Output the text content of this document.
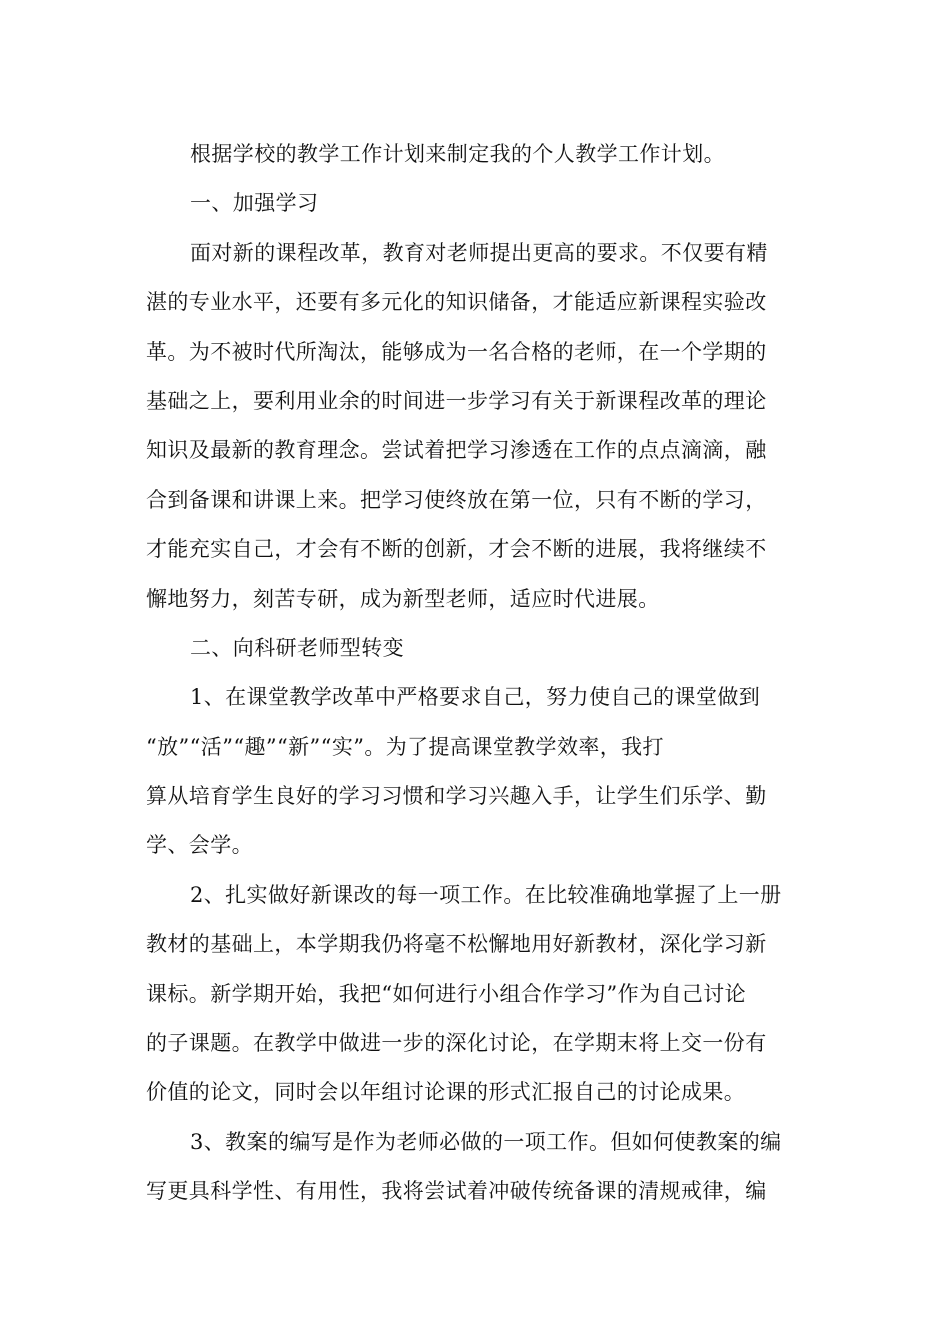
根据学校的教学工作计划来制定我的个人教学工作计划。
一、加强学习
面对新的课程改革，教育对老师提出更高的要求。不仅要有精
湛的专业水平，还要有多元化的知识储备，才能适应新课程实验改
革。为不被时代所淘汰，能够成为一名合格的老师，在一个学期的
基础之上，要利用业余的时间进一步学习有关于新课程改革的理论
知识及最新的教育理念。尝试着把学习渗透在工作的点点滴滴，融
合到备课和讲课上来。把学习使终放在第一位，只有不断的学习，
才能充实自己，才会有不断的创新，才会不断的进展，我将继续不
懈地努力，刻苦专研，成为新型老师，适应时代进展。
二、向科研老师型转变
1、在课堂教学改革中严格要求自己，努力使自己的课堂做到
“放”“活”“趣”“新”“实”。为了提高课堂教学效率，我打
算从培育学生良好的学习习惯和学习兴趣入手，让学生们乐学、勤
学、会学。
2、扎实做好新课改的每一项工作。在比较准确地掌握了上一册
教材的基础上，本学期我仍将毫不松懈地用好新教材，深化学习新
课标。新学期开始，我把“如何进行小组合作学习”作为自己讨论
的子课题。在教学中做进一步的深化讨论，在学期末将上交一份有
价值的论文，同时会以年组讨论课的形式汇报自己的讨论成果。
3、教案的编写是作为老师必做的一项工作。但如何使教案的编
写更具科学性、有用性，我将尝试着冲破传统备课的清规戒律，编
